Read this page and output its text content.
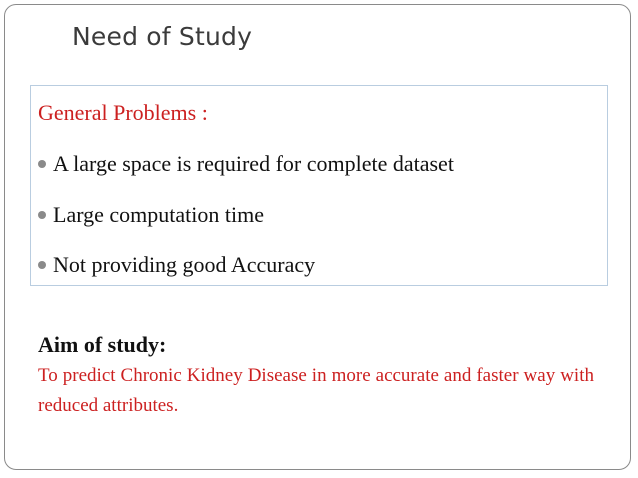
Need of Study
General Problems :
A large space is required for complete dataset
Large computation time
Not providing good Accuracy
Aim of study:
To predict Chronic Kidney Disease in more accurate and faster way with reduced attributes.
